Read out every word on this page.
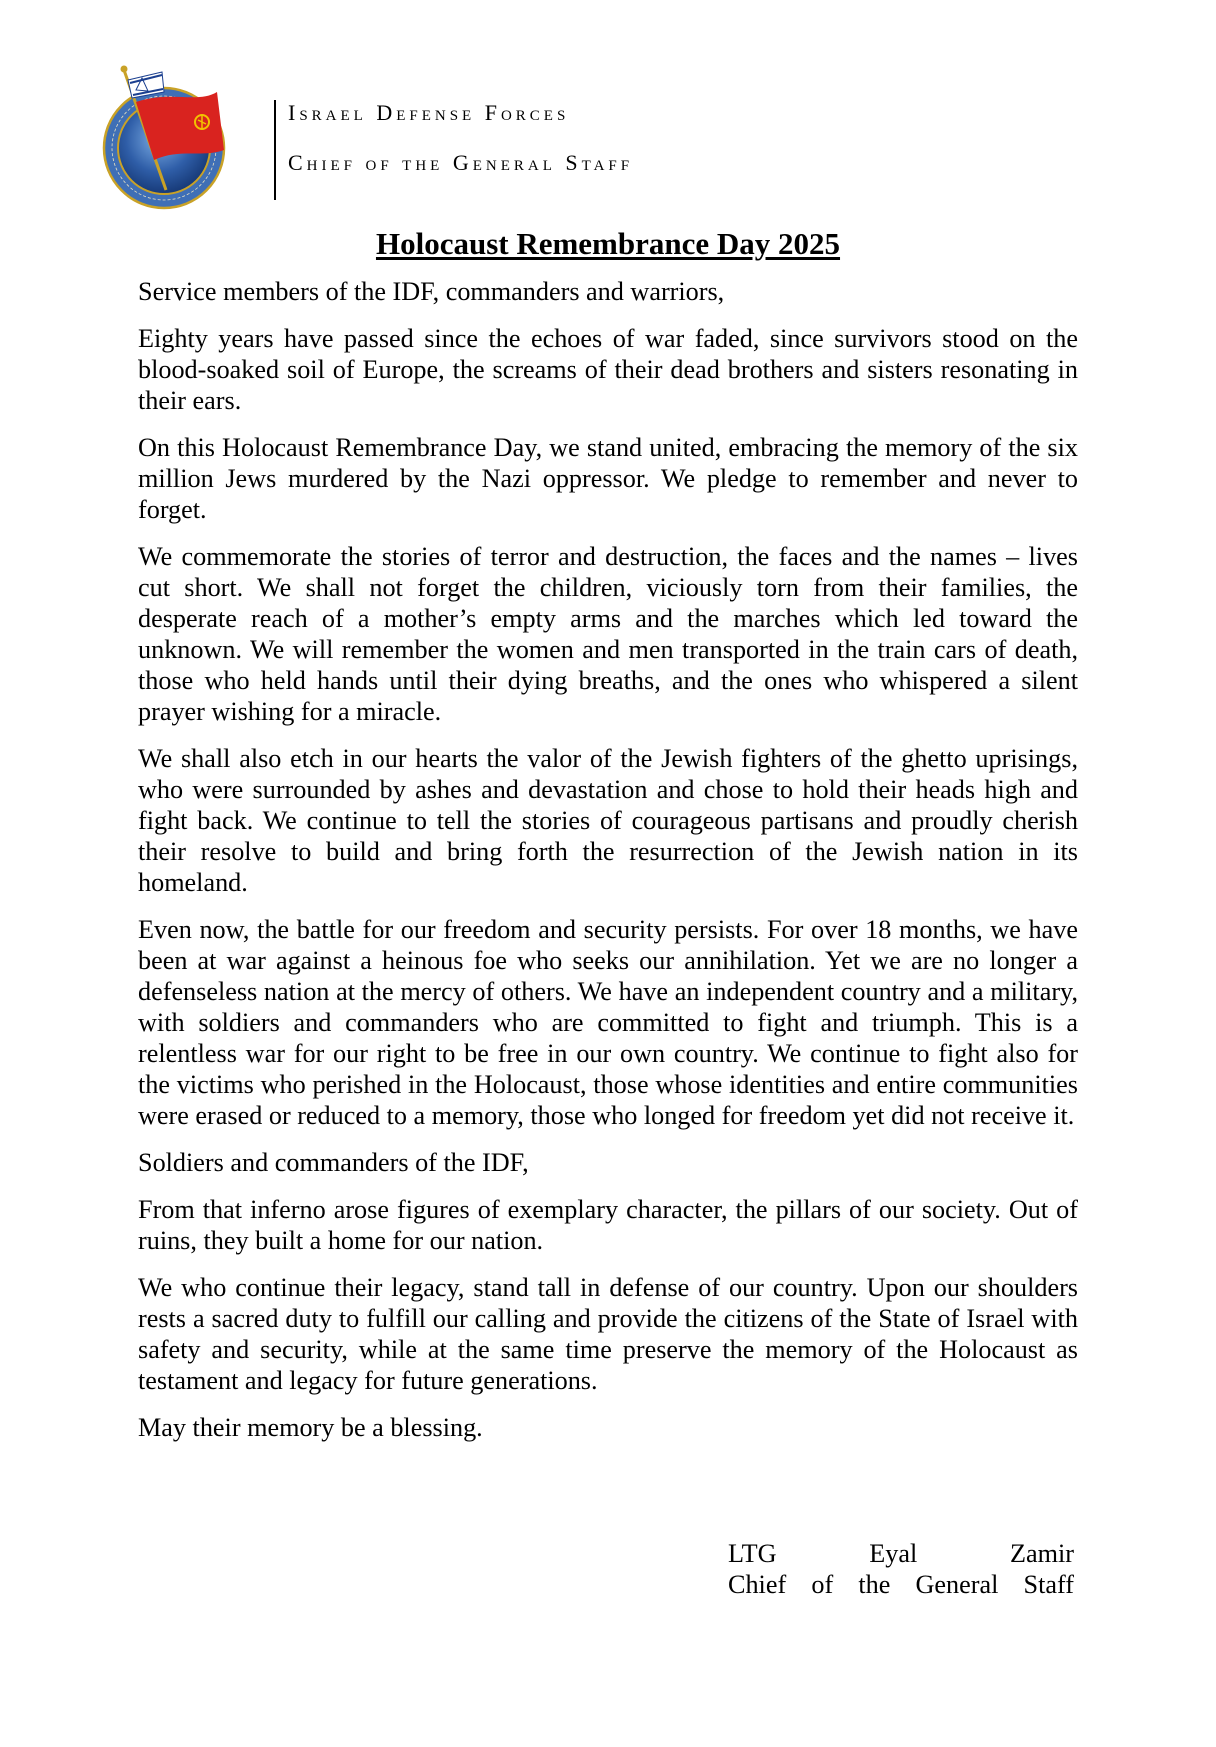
Israel Defense Forces
Chief of the General Staff
Holocaust Remembrance Day 2025

Service members of the IDF, commanders and warriors,

Eighty years have passed since the echoes of war faded, since survivors stood on the blood-soaked soil of Europe, the screams of their dead brothers and sisters resonating in their ears.

On this Holocaust Remembrance Day, we stand united, embracing the memory of the six million Jews murdered by the Nazi oppressor. We pledge to remember and never to forget.

We commemorate the stories of terror and destruction, the faces and the names – lives cut short. We shall not forget the children, viciously torn from their families, the desperate reach of a mother’s empty arms and the marches which led toward the unknown. We will remember the women and men transported in the train cars of death, those who held hands until their dying breaths, and the ones who whispered a silent prayer wishing for a miracle.

We shall also etch in our hearts the valor of the Jewish fighters of the ghetto uprisings, who were surrounded by ashes and devastation and chose to hold their heads high and fight back. We continue to tell the stories of courageous partisans and proudly cherish their resolve to build and bring forth the resurrection of the Jewish nation in its homeland.

Even now, the battle for our freedom and security persists. For over 18 months, we have been at war against a heinous foe who seeks our annihilation. Yet we are no longer a defenseless nation at the mercy of others. We have an independent country and a military, with soldiers and commanders who are committed to fight and triumph. This is a relentless war for our right to be free in our own country. We continue to fight also for the victims who perished in the Holocaust, those whose identities and entire communities were erased or reduced to a memory, those who longed for freedom yet did not receive it.

Soldiers and commanders of the IDF,

From that inferno arose figures of exemplary character, the pillars of our society. Out of ruins, they built a home for our nation.

We who continue their legacy, stand tall in defense of our country. Upon our shoulders rests a sacred duty to fulfill our calling and provide the citizens of the State of Israel with safety and security, while at the same time preserve the memory of the Holocaust as testament and legacy for future generations.

May their memory be a blessing.

LTG	Eyal	Zamir
Chief of the General Staff
